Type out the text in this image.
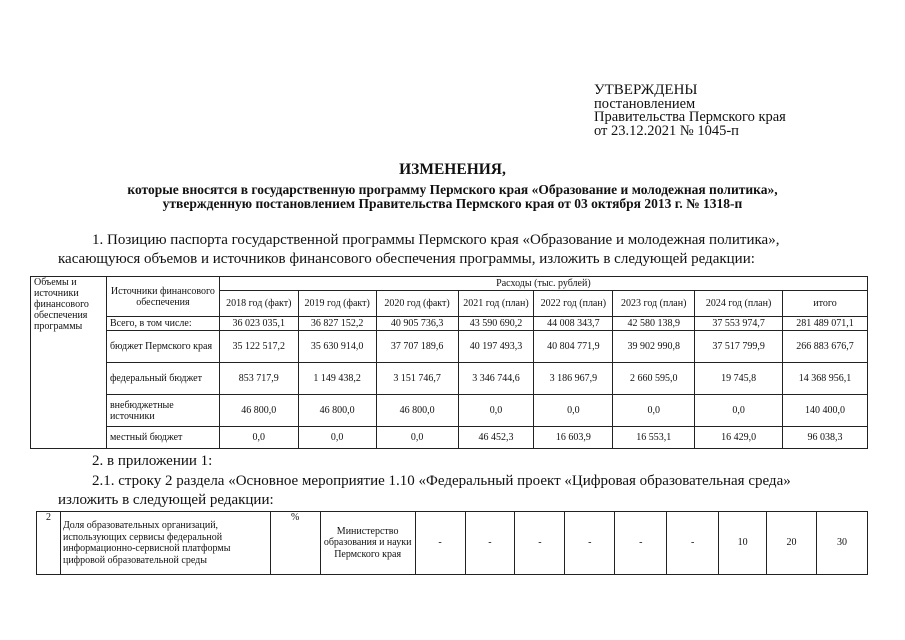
УТВЕРЖДЕНЫ
постановлением
Правительства Пермского края
от 23.12.2021 № 1045-п
ИЗМЕНЕНИЯ,
которые вносятся в государственную программу Пермского края «Образование и молодежная политика»,
утвержденную постановлением Правительства Пермского края от 03 октября 2013 г. № 1318-п
1. Позицию паспорта государственной программы Пермского края «Образование и молодежная политика»,
касающуюся объемов и источников финансового обеспечения программы, изложить в следующей редакции:
Объемы и источники финансового обеспечения программы	Источники финансового обеспечения	Расходы (тыс. рублей)							
		2018 год (факт)	2019 год (факт)	2020 год (факт)	2021 год (план)	2022 год (план)	2023 год (план)	2024 год (план)	итого
	Всего, в том числе:	36 023 035,1	36 827 152,2	40 905 736,3	43 590 690,2	44 008 343,7	42 580 138,9	37 553 974,7	281 489 071,1
	бюджет Пермского края	35 122 517,2	35 630 914,0	37 707 189,6	40 197 493,3	40 804 771,9	39 902 990,8	37 517 799,9	266 883 676,7
	федеральный бюджет	853 717,9	1 149 438,2	3 151 746,7	3 346 744,6	3 186 967,9	2 660 595,0	19 745,8	14 368 956,1
	внебюджетные источники	46 800,0	46 800,0	46 800,0	0,0	0,0	0,0	0,0	140 400,0
	местный бюджет	0,0	0,0	0,0	46 452,3	16 603,9	16 553,1	16 429,0	96 038,3
2. в приложении 1:
2.1. строку 2 раздела «Основное мероприятие 1.10 «Федеральный проект «Цифровая образовательная среда»
изложить в следующей редакции:
2	Доля образовательных организаций, использующих сервисы федеральной информационно-сервисной платформы цифровой образовательной среды	%	Министерство образования и науки Пермского края	-	-	-	-	-	-	10	20	30
